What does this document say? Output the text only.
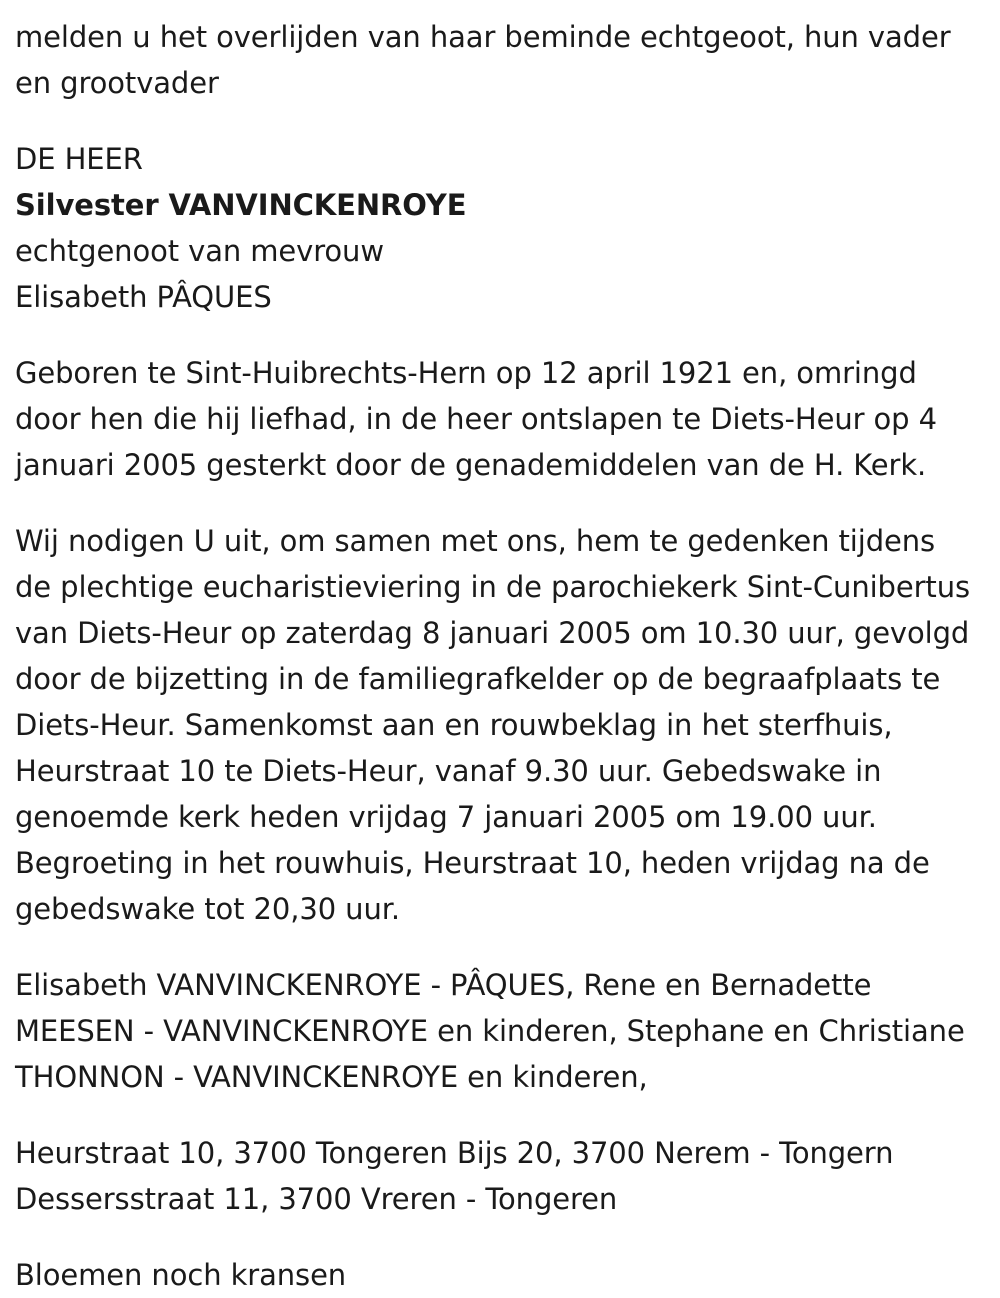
melden u het overlijden van haar beminde echtgeoot, hun vader en grootvader
DE HEER
Silvester VANVINCKENROYE
echtgenoot van mevrouw
Elisabeth PÂQUES
Geboren te Sint-Huibrechts-Hern op 12 april 1921 en, omringd door hen die hij liefhad, in de heer ontslapen te Diets-Heur op 4 januari 2005 gesterkt door de genademiddelen van de H. Kerk.
Wij nodigen U uit, om samen met ons, hem te gedenken tijdens de plechtige eucharistieviering in de parochiekerk Sint-Cunibertus van Diets-Heur op zaterdag 8 januari 2005 om 10.30 uur, gevolgd door de bijzetting in de familiegrafkelder op de begraafplaats te Diets-Heur. Samenkomst aan en rouwbeklag in het sterfhuis, Heurstraat 10 te Diets-Heur, vanaf 9.30 uur. Gebedswake in genoemde kerk heden vrijdag 7 januari 2005 om 19.00 uur. Begroeting in het rouwhuis, Heurstraat 10, heden vrijdag na de gebedswake tot 20,30 uur.
Elisabeth VANVINCKENROYE - PÂQUES, Rene en Bernadette MEESEN - VANVINCKENROYE en kinderen, Stephane en Christiane THONNON - VANVINCKENROYE en kinderen,
Heurstraat 10, 3700 Tongeren Bijs 20, 3700 Nerem - Tongern
Dessersstraat 11, 3700 Vreren - Tongeren
Bloemen noch kransen
